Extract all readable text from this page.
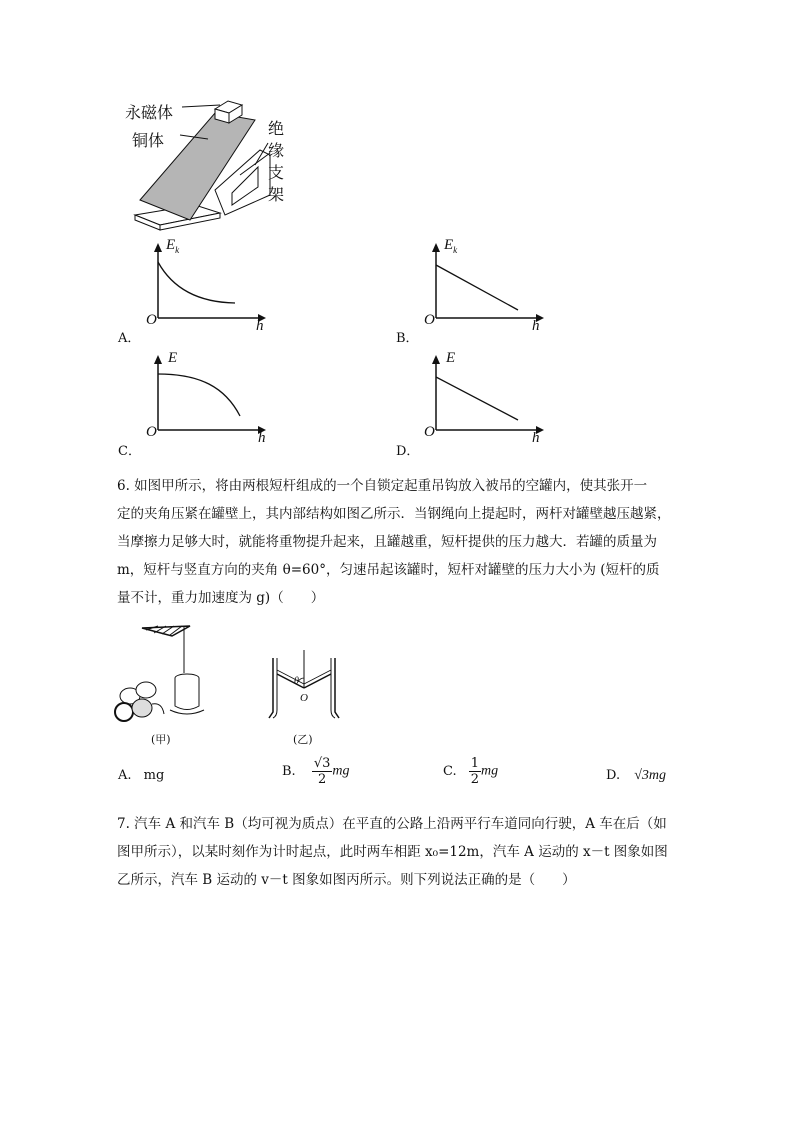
永磁体
铜体
绝
缘
支
架
A．
$E_k$
O	h
B．
$E_k$
O	h
C．
E
O	h
D．
E
O	h

6. 如图甲所示，将由两根短杆组成的一个自锁定起重吊钩放入被吊的空罐内，使其张开一

定的夹角压紧在罐壁上，其内部结构如图乙所示．当钢绳向上提起时，两杆对罐壁越压越紧，

当摩擦力足够大时，就能将重物提升起来，且罐越重，短杆提供的压力越大．若罐的质量为

m，短杆与竖直方向的夹角 θ=60°，匀速吊起该罐时，短杆对罐壁的压力大小为 (短杆的质

量不计，重力加速度为 g)（　　）

(甲)
θ
O
(乙)
A. mg	B. $\frac{√3}{2}$ mg	C. $\frac{1}{2}$ mg	D. √3mg

7. 汽车 A 和汽车 B（均可视为质点）在平直的公路上沿两平行车道同向行驶，A 车在后（如

图甲所示），以某时刻作为计时起点，此时两车相距 x₀=12m，汽车 A 运动的 x－t 图象如图

乙所示，汽车 B 运动的 v－t 图象如图丙所示。则下列说法正确的是（　　）
